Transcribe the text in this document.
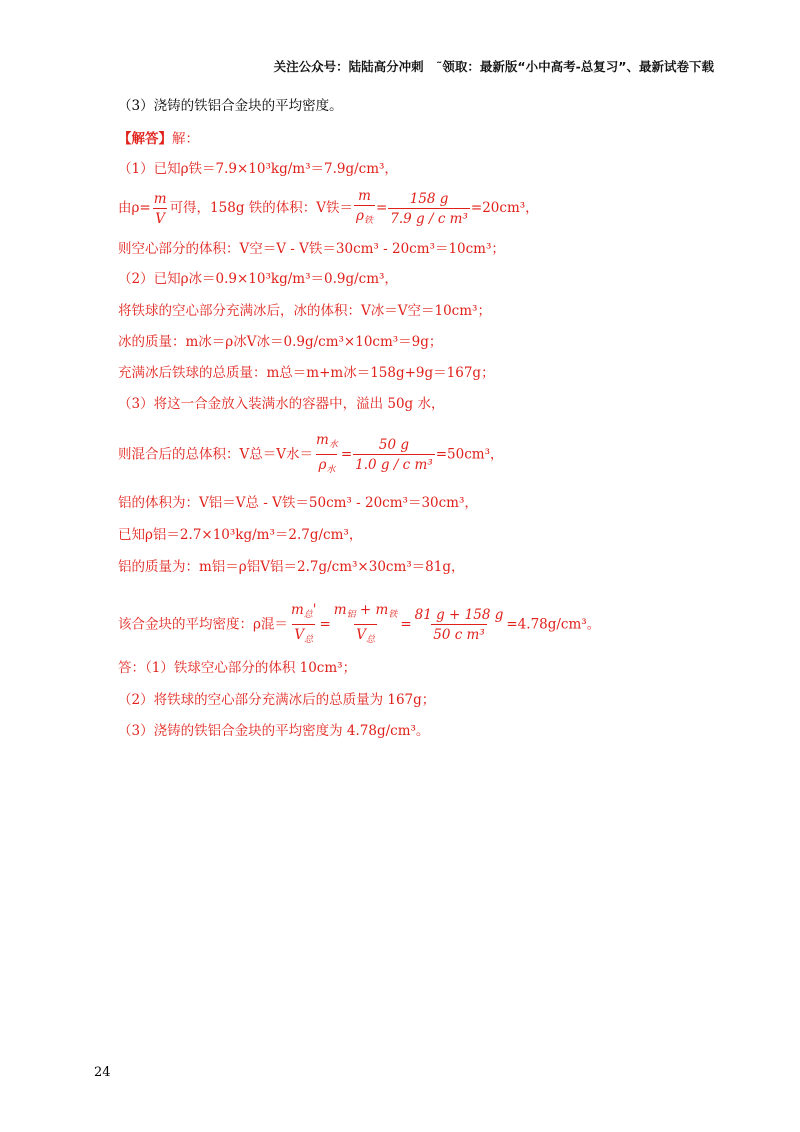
关注公众号：陆陆高分冲刺　˜领取：最新版“小中高考-总复习”、最新试卷下载
（3）浇铸的铁铝合金块的平均密度。
【解答】解：
（1）已知ρ铁＝7.9×10³kg/m³＝7.9g/cm³，
由$\rho= \frac{m}{V}$ 可得，158g 铁的体积：V铁＝ $\frac{m}{\rho_铁} = \frac{158 g}{\text{7.9 g / c m³}} =20cm^3$，
则空心部分的体积：V空＝V - V铁＝30cm³ - 20cm³＝10cm³；
（2）已知ρ冰＝0.9×10³kg/m³＝0.9g/cm³，
将铁球的空心部分充满冰后，冰的体积：V冰＝V空＝10cm³；
冰的质量：m冰＝ρ冰V冰＝0.9g/cm³×10cm³＝9g；
充满冰后铁球的总质量：m总＝m+m冰＝158g+9g＝167g；
（3）将这一合金放入装满水的容器中，溢出 50g 水，
则混合后的总体积：V总＝V水＝ $\frac{m_水}{\rho_水} = \frac{50 g}{\text{1.0 g / c m³}} =50cm^3$，
铝的体积为：V铝＝V总 - V铁＝50cm³ - 20cm³＝30cm³，
已知ρ铝＝2.7×10³kg/m³＝2.7g/cm³，
铝的质量为：m铝＝ρ铝V铝＝2.7g/cm³×30cm³＝81g，
该合金块的平均密度：ρ混＝ $\frac{m_总'}{V_总} = \frac{m_铝 + m_铁}{V_总} = \frac{81 g + 158 g}{\text{50 c m³}} =4.78g/cm^3$。
答：（1）铁球空心部分的体积 10cm³；
（2）将铁球的空心部分充满冰后的总质量为 167g；
（3）浇铸的铁铝合金块的平均密度为 4.78g/cm³。
24
